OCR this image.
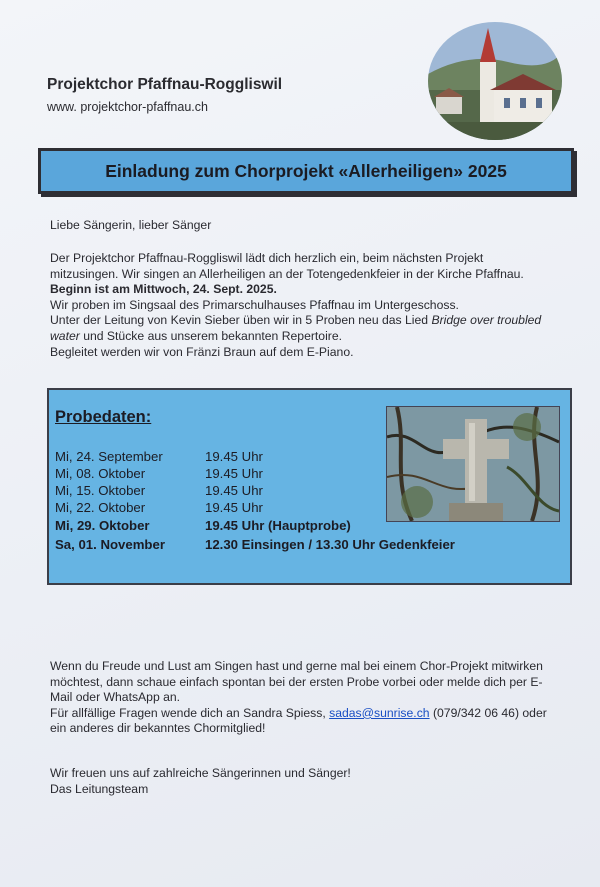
Projektchor Pfaffnau-Roggliswil
www. projektchor-pfaffnau.ch
Einladung zum Chorprojekt «Allerheiligen» 2025
Liebe Sängerin, lieber Sänger
Der Projektchor Pfaffnau-Roggliswil lädt dich herzlich ein, beim nächsten Projekt
mitzusingen. Wir singen an Allerheiligen an der Totengedenkfeier in der Kirche Pfaffnau.
Beginn ist am Mittwoch, 24. Sept. 2025.
Wir proben im Singsaal des Primarschulhauses Pfaffnau im Untergeschoss.
Unter der Leitung von Kevin Sieber üben wir in 5 Proben neu das Lied Bridge over troubled
water und Stücke aus unserem bekannten Repertoire.
Begleitet werden wir von Fränzi Braun auf dem E-Piano.
Probedaten:
Mi, 24. September	19.45 Uhr
Mi, 08. Oktober	19.45 Uhr
Mi, 15. Oktober	19.45 Uhr
Mi, 22. Oktober	19.45 Uhr
Mi, 29. Oktober	19.45 Uhr (Hauptprobe)
Sa, 01. November	12.30 Einsingen / 13.30 Uhr Gedenkfeier
Wenn du Freude und Lust am Singen hast und gerne mal bei einem Chor-Projekt mitwirken
möchtest, dann schaue einfach spontan bei der ersten Probe vorbei oder melde dich per E-
Mail oder WhatsApp an.
Für allfällige Fragen wende dich an Sandra Spiess, sadas@sunrise.ch (079/342 06 46) oder
ein anderes dir bekanntes Chormitglied!
Wir freuen uns auf zahlreiche Sängerinnen und Sänger!
Das Leitungsteam
